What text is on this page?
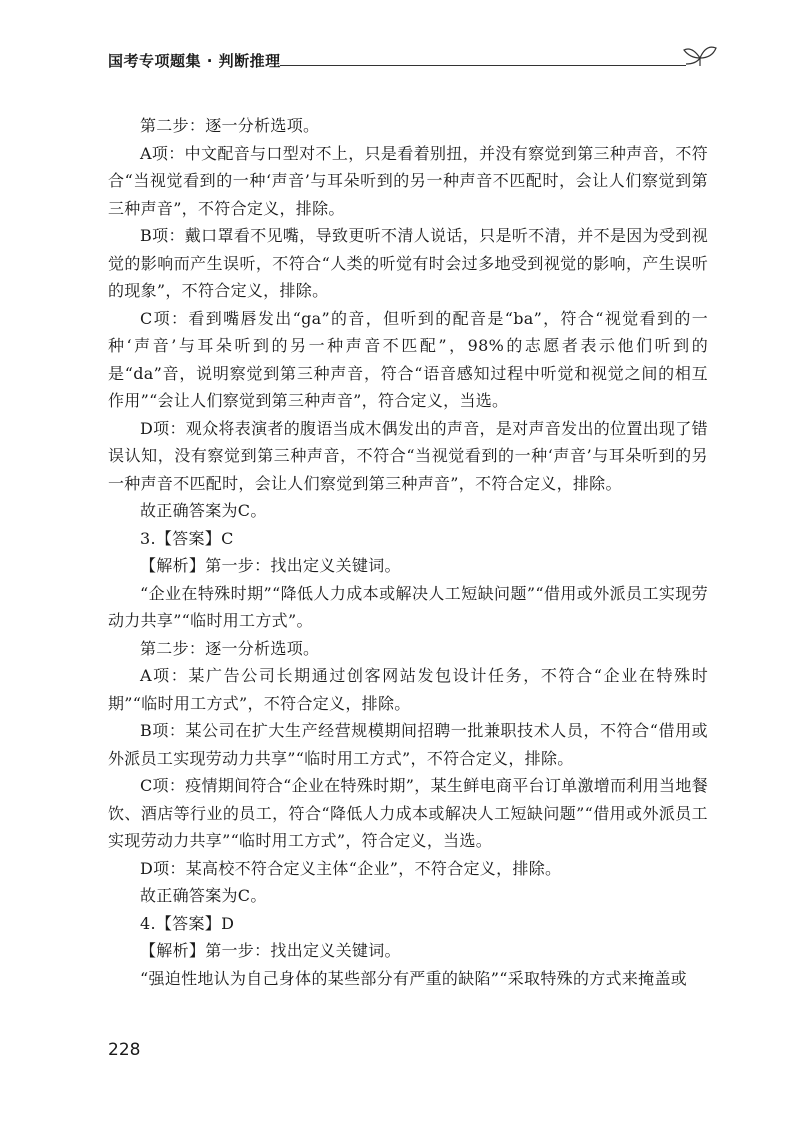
国考专项题集 · 判断推理

第二步：逐一分析选项。

A项：中文配音与口型对不上，只是看着别扭，并没有察觉到第三种声音，不符合“当视觉看到的一种‘声音’与耳朵听到的另一种声音不匹配时，会让人们察觉到第三种声音”，不符合定义，排除。

B项：戴口罩看不见嘴，导致更听不清人说话，只是听不清，并不是因为受到视觉的影响而产生误听，不符合“人类的听觉有时会过多地受到视觉的影响，产生误听的现象”，不符合定义，排除。

C项：看到嘴唇发出“ga”的音，但听到的配音是“ba”，符合“视觉看到的一种‘声音’与耳朵听到的另一种声音不匹配”，98%的志愿者表示他们听到的是“da”音，说明察觉到第三种声音，符合“语音感知过程中听觉和视觉之间的相互作用”“会让人们察觉到第三种声音”，符合定义，当选。

D项：观众将表演者的腹语当成木偶发出的声音，是对声音发出的位置出现了错误认知，没有察觉到第三种声音，不符合“当视觉看到的一种‘声音’与耳朵听到的另一种声音不匹配时，会让人们察觉到第三种声音”，不符合定义，排除。

故正确答案为C。

3.【答案】C

【解析】第一步：找出定义关键词。

“企业在特殊时期”“降低人力成本或解决人工短缺问题”“借用或外派员工实现劳动力共享”“临时用工方式”。

第二步：逐一分析选项。

A项：某广告公司长期通过创客网站发包设计任务，不符合“企业在特殊时期”“临时用工方式”，不符合定义，排除。

B项：某公司在扩大生产经营规模期间招聘一批兼职技术人员，不符合“借用或外派员工实现劳动力共享”“临时用工方式”，不符合定义，排除。

C项：疫情期间符合“企业在特殊时期”，某生鲜电商平台订单激增而利用当地餐饮、酒店等行业的员工，符合“降低人力成本或解决人工短缺问题”“借用或外派员工实现劳动力共享”“临时用工方式”，符合定义，当选。

D项：某高校不符合定义主体“企业”，不符合定义，排除。

故正确答案为C。

4.【答案】D

【解析】第一步：找出定义关键词。

“强迫性地认为自己身体的某些部分有严重的缺陷”“采取特殊的方式来掩盖或

228
